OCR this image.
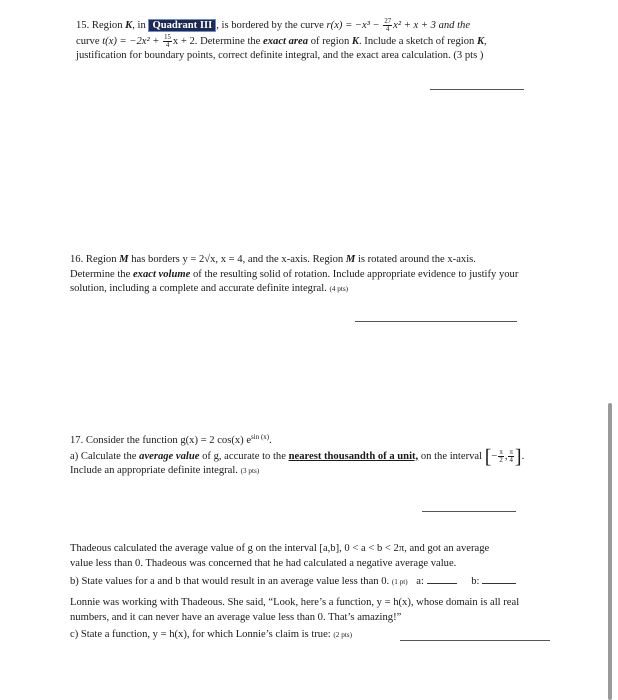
15. Region K, in Quadrant III , is bordered by the curve $r(x) = -x^3 - \frac{27}{4} x^2 + x + 3$ and the

curve $t(x) = -2x^2 + \frac{15}{4}$ x + 2. Determine the exact area of region K. Include a sketch of region K,

justification for boundary points, correct definite integral, and the exact area calculation. (3 pts )

16. Region M has borders y = 2√x, x = 4, and the x-axis. Region M is rotated around the x-axis.

Determine the exact volume of the resulting solid of rotation. Include appropriate evidence to justify your

solution, including a complete and accurate definite integral. (4 pts)

17. Consider the function g(x) = 2 cos(x) $e^{sin (x)}$.

a) Calculate the average value of g, accurate to the nearest thousandth of a unit, on the interval [− $\frac{\pi}{2}$ , $\frac{\pi}{4}$ ].

Include an appropriate definite integral. (3 pts)

Thadeous calculated the average value of g on the interval [a,b], 0 < a < b < 2π, and got an average

value less than 0. Thadeous was concerned that he had calculated a negative average value.

b) State values for a and b that would result in an average value less than 0. (1 pt) a:	b:

Lonnie was working with Thadeous. She said, “Look, here’s a function, y = h(x), whose domain is all real

numbers, and it can never have an average value less than 0. That’s amazing!”

c) State a function, y = h(x), for which Lonnie’s claim is true: (2 pts)
